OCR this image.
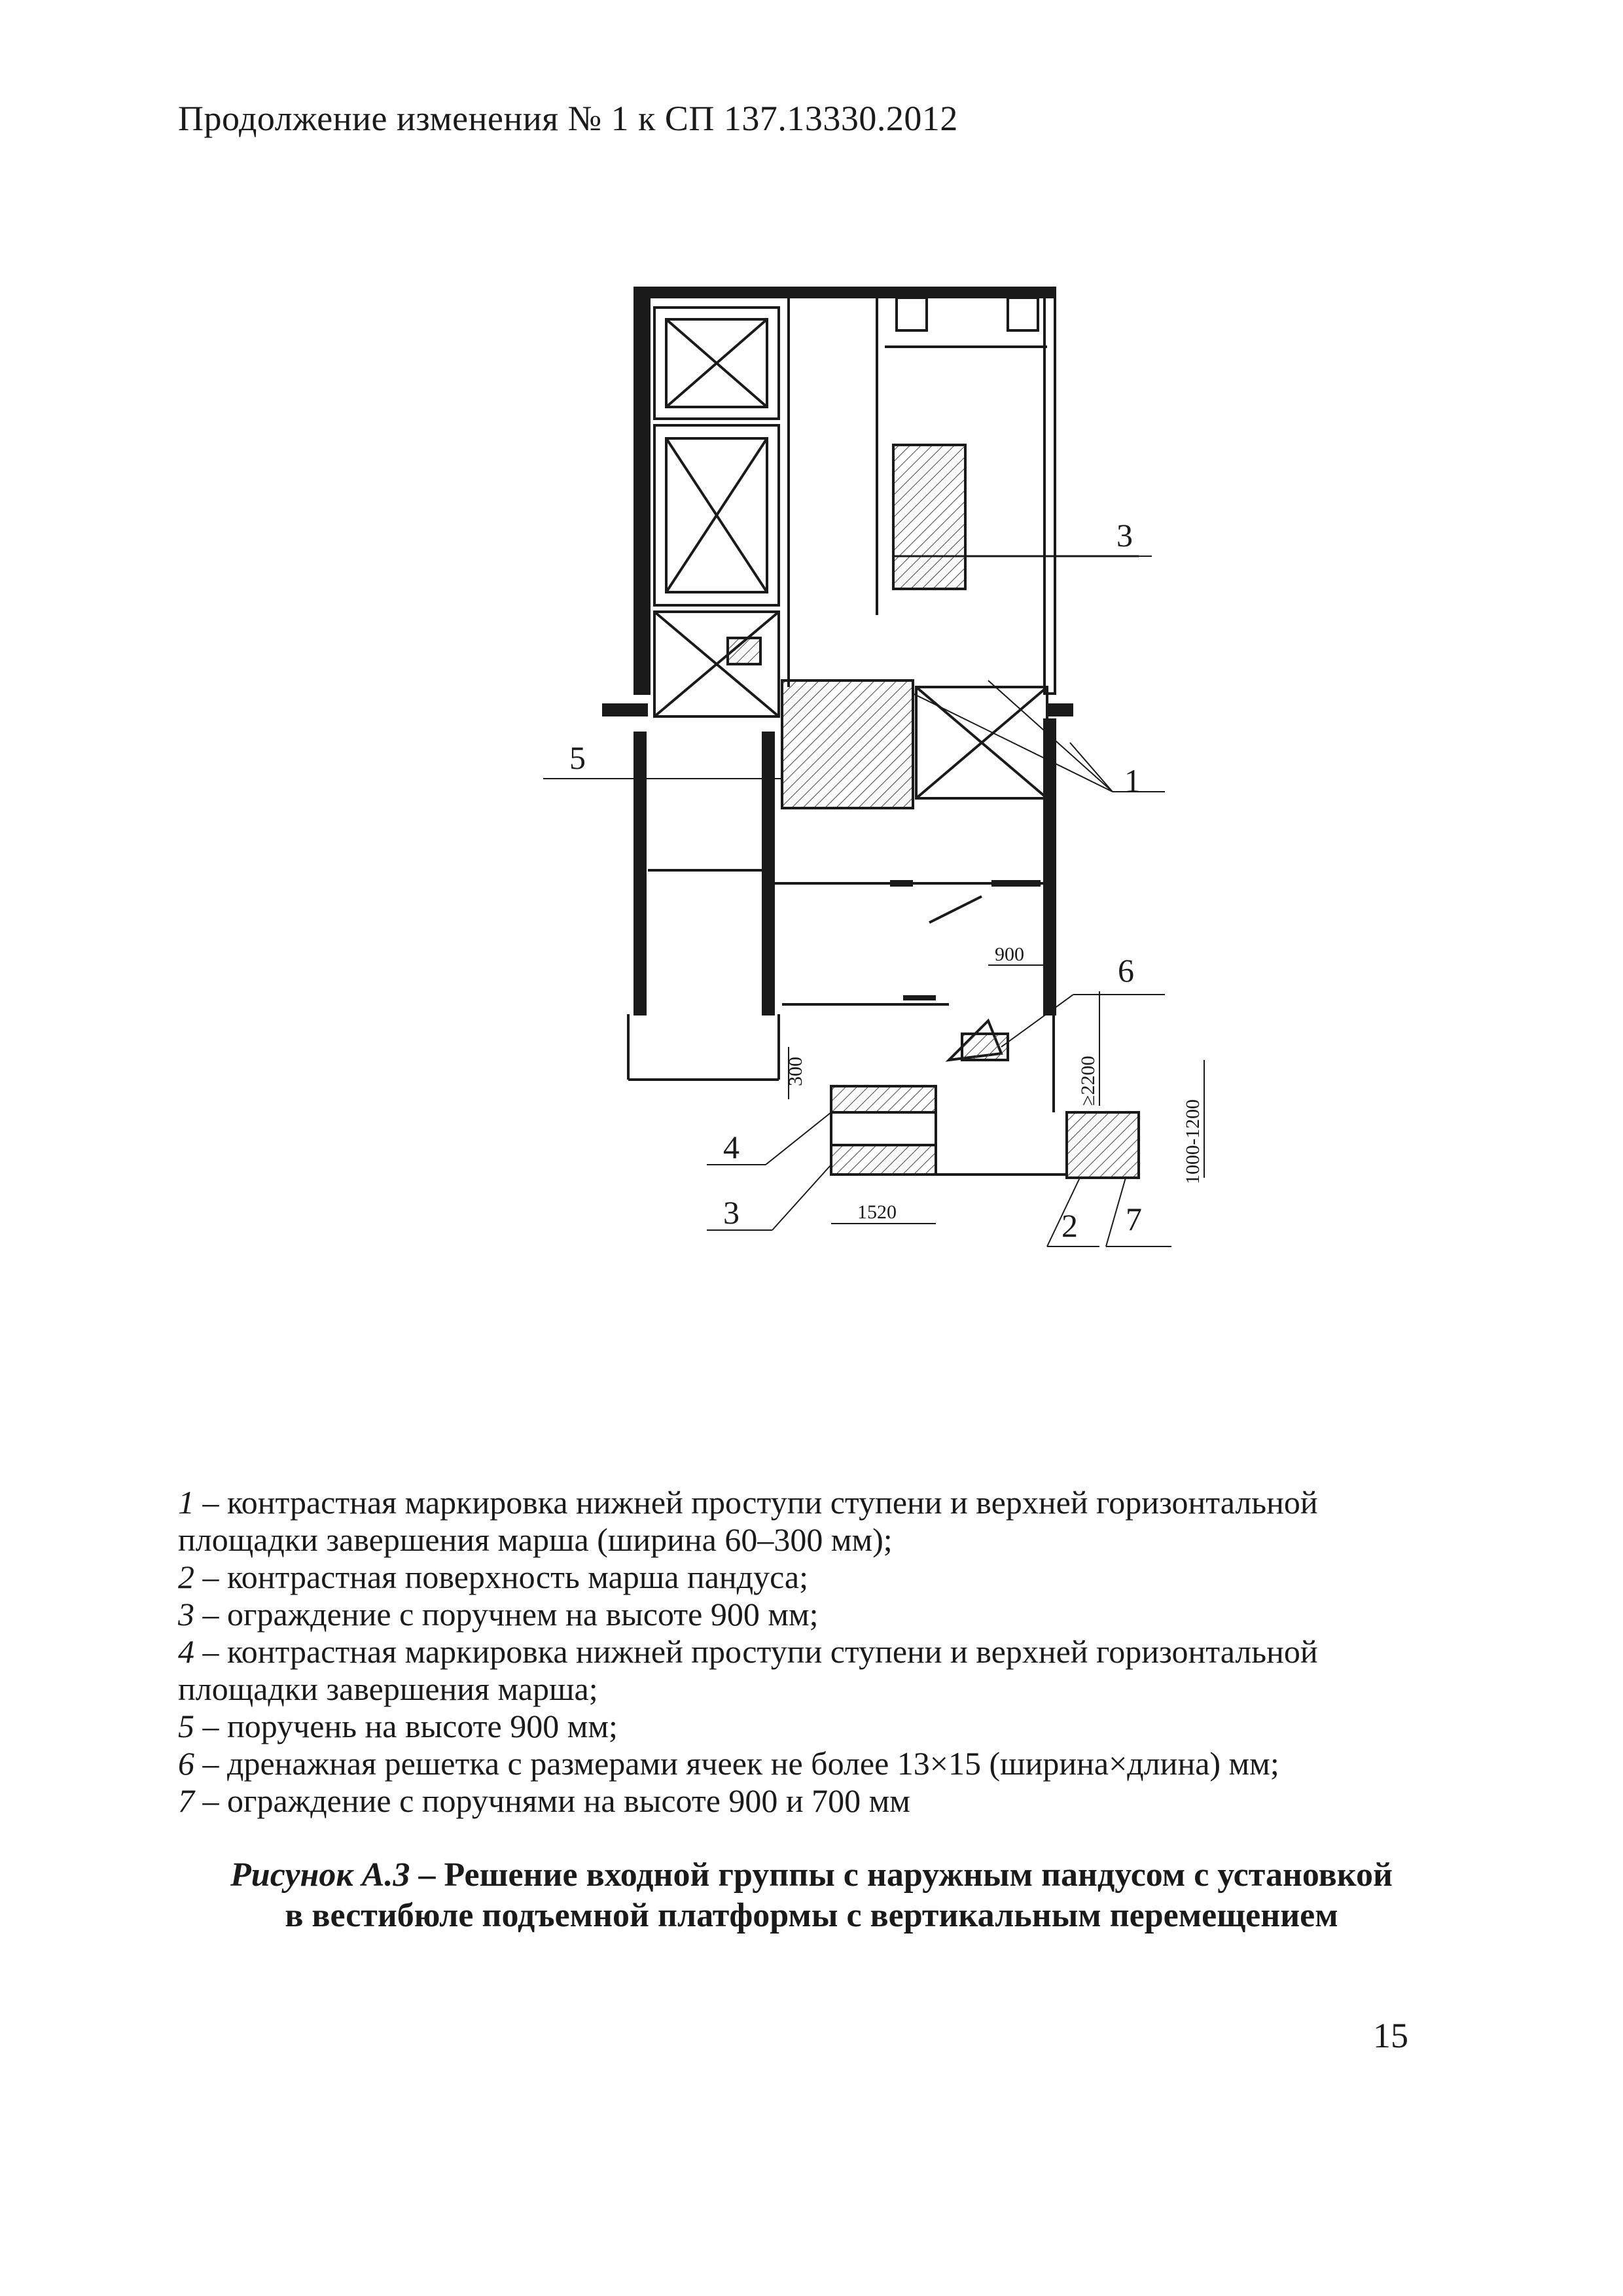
Продолжение изменения № 1 к СП 137.13330.2012
3
5
1
6
4
3	2 7
900
1520
300	≥2200
1000-1200
1 – контрастная маркировка нижней проступи ступени и верхней горизонтальной
площадки завершения марша (ширина 60–300 мм);
2 – контрастная поверхность марша пандуса;
3 – ограждение с поручнем на высоте 900 мм;
4 – контрастная маркировка нижней проступи ступени и верхней горизонтальной
площадки завершения марша;
5 – поручень на высоте 900 мм;
6 – дренажная решетка с размерами ячеек не более 13×15 (ширина×длина) мм;
7 – ограждение с поручнями на высоте 900 и 700 мм
Рисунок А.3 – Решение входной группы с наружным пандусом с установкой
в вестибюле подъемной платформы с вертикальным перемещением
15
